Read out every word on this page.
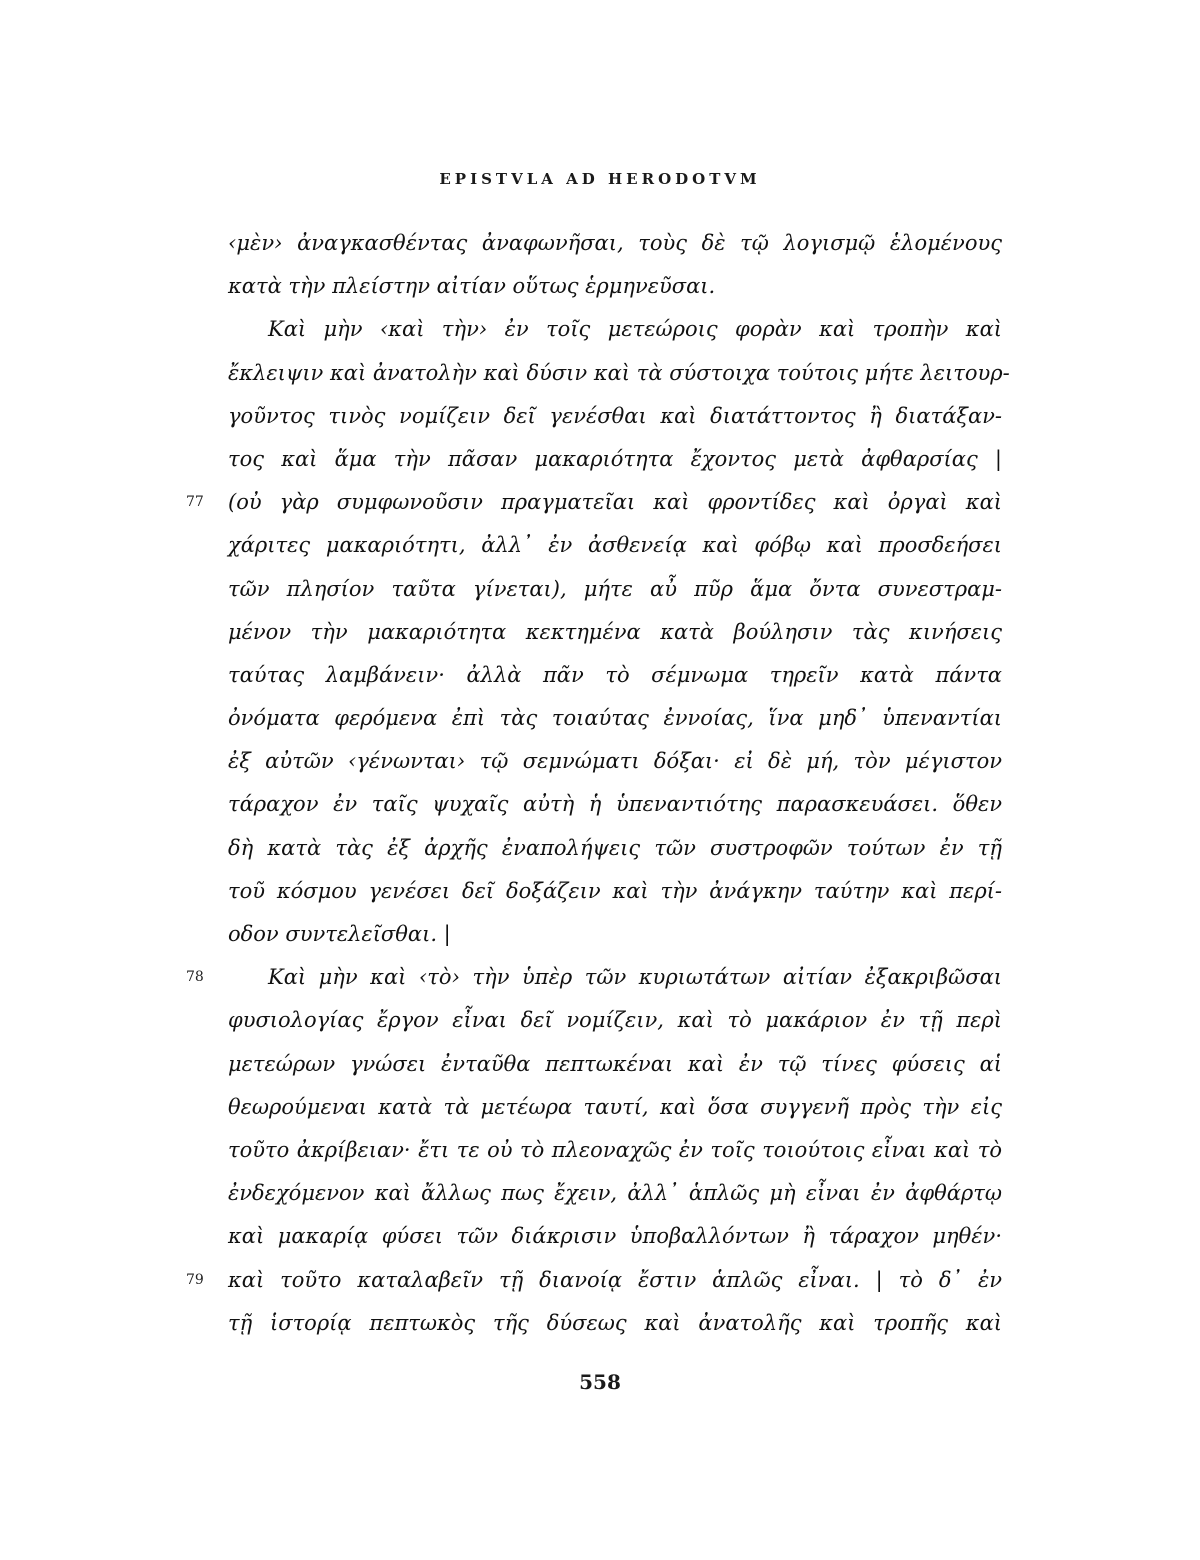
EPISTVLA AD HERODOTVM
‹μὲν› ἀναγκασθέντας ἀναφωνῆσαι, τοὺς δὲ τῷ λογισμῷ ἑλομένους
κατὰ τὴν πλείστην αἰτίαν οὕτως ἑρμηνεῦσαι.
Καὶ μὴν ‹καὶ τὴν› ἐν τοῖς μετεώροις φορὰν καὶ τροπὴν καὶ
ἔκλειψιν καὶ ἀνατολὴν καὶ δύσιν καὶ τὰ σύστοιχα τούτοις μήτε λειτουρ-
γοῦντος τινὸς νομίζειν δεῖ γενέσθαι καὶ διατάττοντος ἢ διατάξαν-
τος καὶ ἅμα τὴν πᾶσαν μακαριότητα ἔχοντος μετὰ ἀφθαρσίας |
77	(οὐ γὰρ συμφωνοῦσιν πραγματεῖαι καὶ φροντίδες καὶ ὀργαὶ καὶ
χάριτες μακαριότητι, ἀλλ᾽ ἐν ἀσθενείᾳ καὶ φόβῳ καὶ προσδεήσει
τῶν πλησίον ταῦτα γίνεται), μήτε αὖ πῦρ ἅμα ὄντα συνεστραμ-
μένον τὴν μακαριότητα κεκτημένα κατὰ βούλησιν τὰς κινήσεις
ταύτας λαμβάνειν· ἀλλὰ πᾶν τὸ σέμνωμα τηρεῖν κατὰ πάντα
ὀνόματα φερόμενα ἐπὶ τὰς τοιαύτας ἐννοίας, ἵνα μηδ᾽ ὑπεναντίαι
ἐξ αὐτῶν ‹γένωνται› τῷ σεμνώματι δόξαι· εἰ δὲ μή, τὸν μέγιστον
τάραχον ἐν ταῖς ψυχαῖς αὐτὴ ἡ ὑπεναντιότης παρασκευάσει. ὅθεν
δὴ κατὰ τὰς ἐξ ἀρχῆς ἐναπολήψεις τῶν συστροφῶν τούτων ἐν τῇ
τοῦ κόσμου γενέσει δεῖ δοξάζειν καὶ τὴν ἀνάγκην ταύτην καὶ περί-
οδον συντελεῖσθαι. |
78	Καὶ μὴν καὶ ‹τὸ› τὴν ὑπὲρ τῶν κυριωτάτων αἰτίαν ἐξακριβῶσαι
φυσιολογίας ἔργον εἶναι δεῖ νομίζειν, καὶ τὸ μακάριον ἐν τῇ περὶ
μετεώρων γνώσει ἐνταῦθα πεπτωκέναι καὶ ἐν τῷ τίνες φύσεις αἱ
θεωρούμεναι κατὰ τὰ μετέωρα ταυτί, καὶ ὅσα συγγενῆ πρὸς τὴν εἰς
τοῦτο ἀκρίβειαν· ἔτι τε οὐ τὸ πλεοναχῶς ἐν τοῖς τοιούτοις εἶναι καὶ τὸ
ἐνδεχόμενον καὶ ἄλλως πως ἔχειν, ἀλλ᾽ ἁπλῶς μὴ εἶναι ἐν ἀφθάρτῳ
καὶ μακαρίᾳ φύσει τῶν διάκρισιν ὑποβαλλόντων ἢ τάραχον μηθέν·
79	καὶ τοῦτο καταλαβεῖν τῇ διανοίᾳ ἔστιν ἁπλῶς εἶναι. | τὸ δ᾽ ἐν
τῇ ἱστορίᾳ πεπτωκὸς τῆς δύσεως καὶ ἀνατολῆς καὶ τροπῆς καὶ
558
